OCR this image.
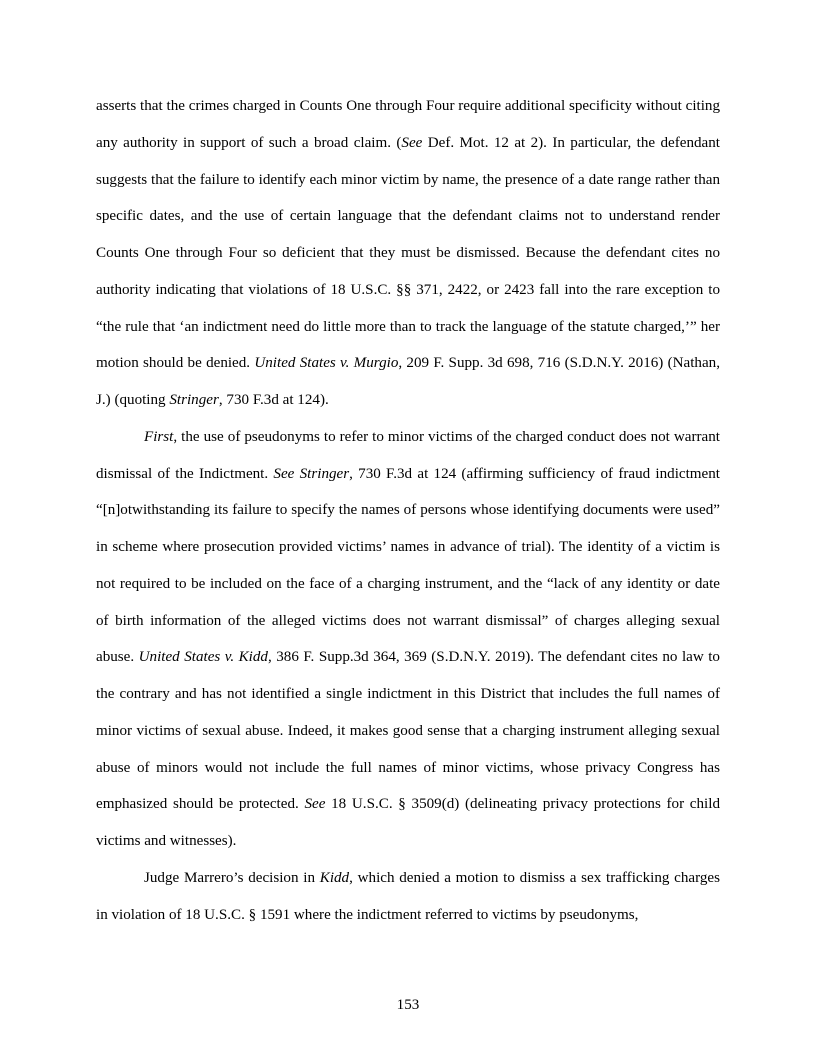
asserts that the crimes charged in Counts One through Four require additional specificity without citing any authority in support of such a broad claim. (See Def. Mot. 12 at 2). In particular, the defendant suggests that the failure to identify each minor victim by name, the presence of a date range rather than specific dates, and the use of certain language that the defendant claims not to understand render Counts One through Four so deficient that they must be dismissed. Because the defendant cites no authority indicating that violations of 18 U.S.C. §§ 371, 2422, or 2423 fall into the rare exception to “the rule that ‘an indictment need do little more than to track the language of the statute charged,’” her motion should be denied. United States v. Murgio, 209 F. Supp. 3d 698, 716 (S.D.N.Y. 2016) (Nathan, J.) (quoting Stringer, 730 F.3d at 124).

First, the use of pseudonyms to refer to minor victims of the charged conduct does not warrant dismissal of the Indictment. See Stringer, 730 F.3d at 124 (affirming sufficiency of fraud indictment “[n]otwithstanding its failure to specify the names of persons whose identifying documents were used” in scheme where prosecution provided victims’ names in advance of trial). The identity of a victim is not required to be included on the face of a charging instrument, and the “lack of any identity or date of birth information of the alleged victims does not warrant dismissal” of charges alleging sexual abuse. United States v. Kidd, 386 F. Supp.3d 364, 369 (S.D.N.Y. 2019). The defendant cites no law to the contrary and has not identified a single indictment in this District that includes the full names of minor victims of sexual abuse. Indeed, it makes good sense that a charging instrument alleging sexual abuse of minors would not include the full names of minor victims, whose privacy Congress has emphasized should be protected. See 18 U.S.C. § 3509(d) (delineating privacy protections for child victims and witnesses).

Judge Marrero’s decision in Kidd, which denied a motion to dismiss a sex trafficking charges in violation of 18 U.S.C. § 1591 where the indictment referred to victims by pseudonyms,

153
